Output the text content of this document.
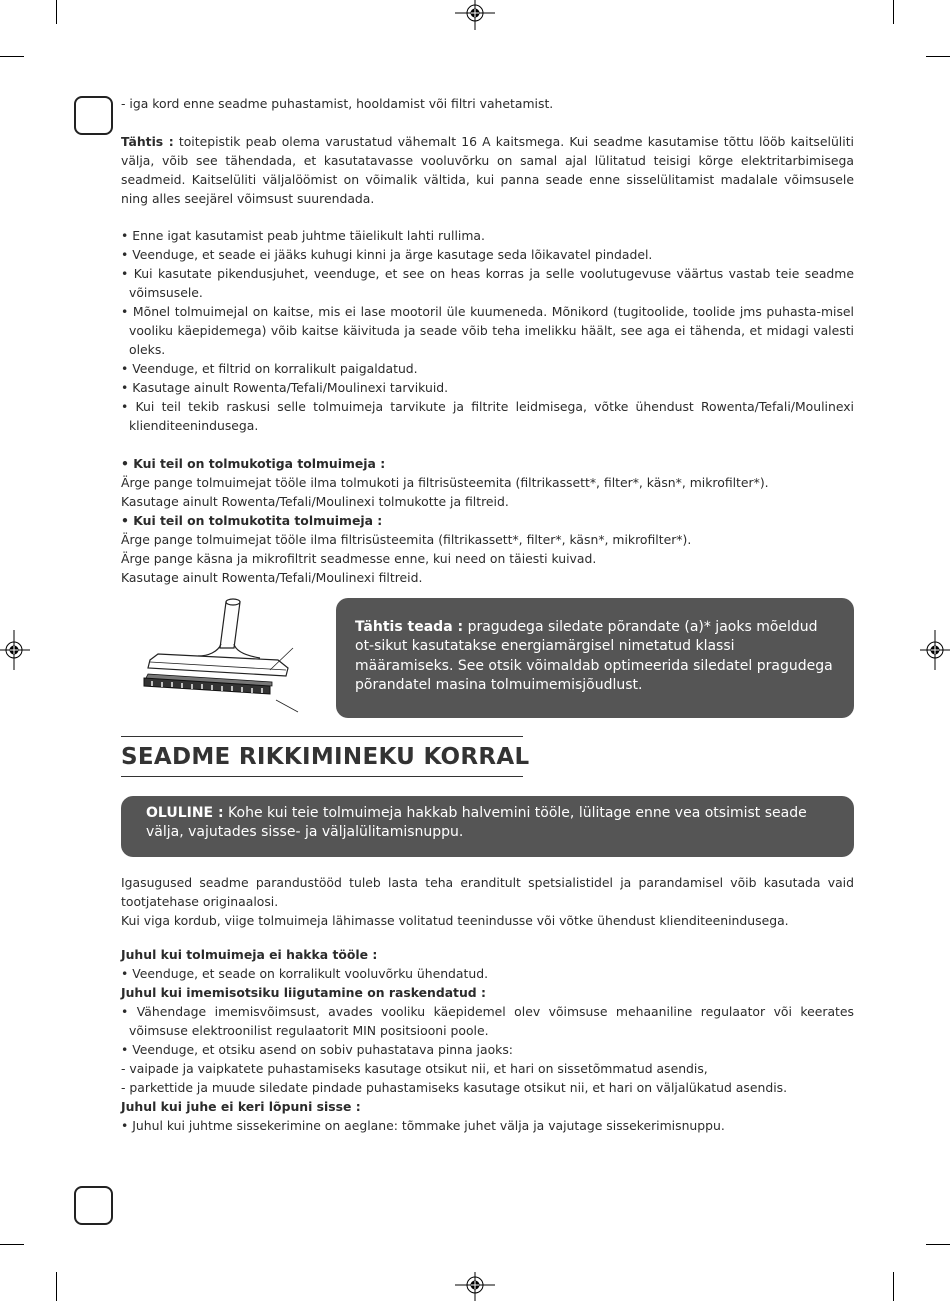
- iga kord enne seadme puhastamist, hooldamist või filtri vahetamist.
Tähtis : toitepistik peab olema varustatud vähemalt 16 A kaitsmega. Kui seadme kasutamise tõttu lööb kaitselüliti välja, võib see tähendada, et kasutatavasse vooluvõrku on samal ajal lülitatud teisigi kõrge elektritarbimisega seadmeid. Kaitselüliti väljalöömist on võimalik vältida, kui panna seade enne sisselülitamist madalale võimsusele ning alles seejärel võimsust suurendada.
• Enne igat kasutamist peab juhtme täielikult lahti rullima.
• Veenduge, et seade ei jääks kuhugi kinni ja ärge kasutage seda lõikavatel pindadel.
• Kui kasutate pikendusjuhet, veenduge, et see on heas korras ja selle voolutugevuse väärtus vastab teie seadme võimsusele.
• Mõnel tolmuimejal on kaitse, mis ei lase mootoril üle kuumeneda. Mõnikord (tugitoolide, toolide jms puhasta-misel vooliku käepidemega) võib kaitse käivituda ja seade võib teha imelikku häält, see aga ei tähenda, et midagi valesti oleks.
• Veenduge, et filtrid on korralikult paigaldatud.
• Kasutage ainult Rowenta/Tefali/Moulinexi tarvikuid.
• Kui teil tekib raskusi selle tolmuimeja tarvikute ja filtrite leidmisega, võtke ühendust Rowenta/Tefali/Moulinexi klienditeenindusega.
• Kui teil on tolmukotiga tolmuimeja :
Ärge pange tolmuimejat tööle ilma tolmukoti ja filtrisüsteemita (filtrikassett*, filter*, käsn*, mikrofilter*).
Kasutage ainult Rowenta/Tefali/Moulinexi tolmukotte ja filtreid.
• Kui teil on tolmukotita tolmuimeja :
Ärge pange tolmuimejat tööle ilma filtrisüsteemita (filtrikassett*, filter*, käsn*, mikrofilter*).
Ärge pange käsna ja mikrofiltrit seadmesse enne, kui need on täiesti kuivad.
Kasutage ainult Rowenta/Tefali/Moulinexi filtreid.
Tähtis teada : pragudega siledate põrandate (a)* jaoks mõeldud ot-sikut kasutatakse energiamärgisel nimetatud klassi määramiseks. See otsik võimaldab optimeerida siledatel pragudega põrandatel masina tolmuimemisjõudlust.
SEADME RIKKIMINEKU KORRAL
OLULINE : Kohe kui teie tolmuimeja hakkab halvemini tööle, lülitage enne vea otsimist seade välja, vajutades sisse- ja väljalülitamisnuppu.
Igasugused seadme parandustööd tuleb lasta teha eranditult spetsialistidel ja parandamisel võib kasutada vaid tootjatehase originaalosi.
Kui viga kordub, viige tolmuimeja lähimasse volitatud teenindusse või võtke ühendust klienditeenindusega.
Juhul kui tolmuimeja ei hakka tööle :
• Veenduge, et seade on korralikult vooluvõrku ühendatud.
Juhul kui imemisotsiku liigutamine on raskendatud :
• Vähendage imemisvõimsust, avades vooliku käepidemel olev võimsuse mehaaniline regulaator või keerates võimsuse elektroonilist regulaatorit MIN positsiooni poole.
• Veenduge, et otsiku asend on sobiv puhastatava pinna jaoks:
- vaipade ja vaipkatete puhastamiseks kasutage otsikut nii, et hari on sissetõmmatud asendis,
- parkettide ja muude siledate pindade puhastamiseks kasutage otsikut nii, et hari on väljalükatud asendis.
Juhul kui juhe ei keri lõpuni sisse :
• Juhul kui juhtme sissekerimine on aeglane: tõmmake juhet välja ja vajutage sissekerimisnuppu.
